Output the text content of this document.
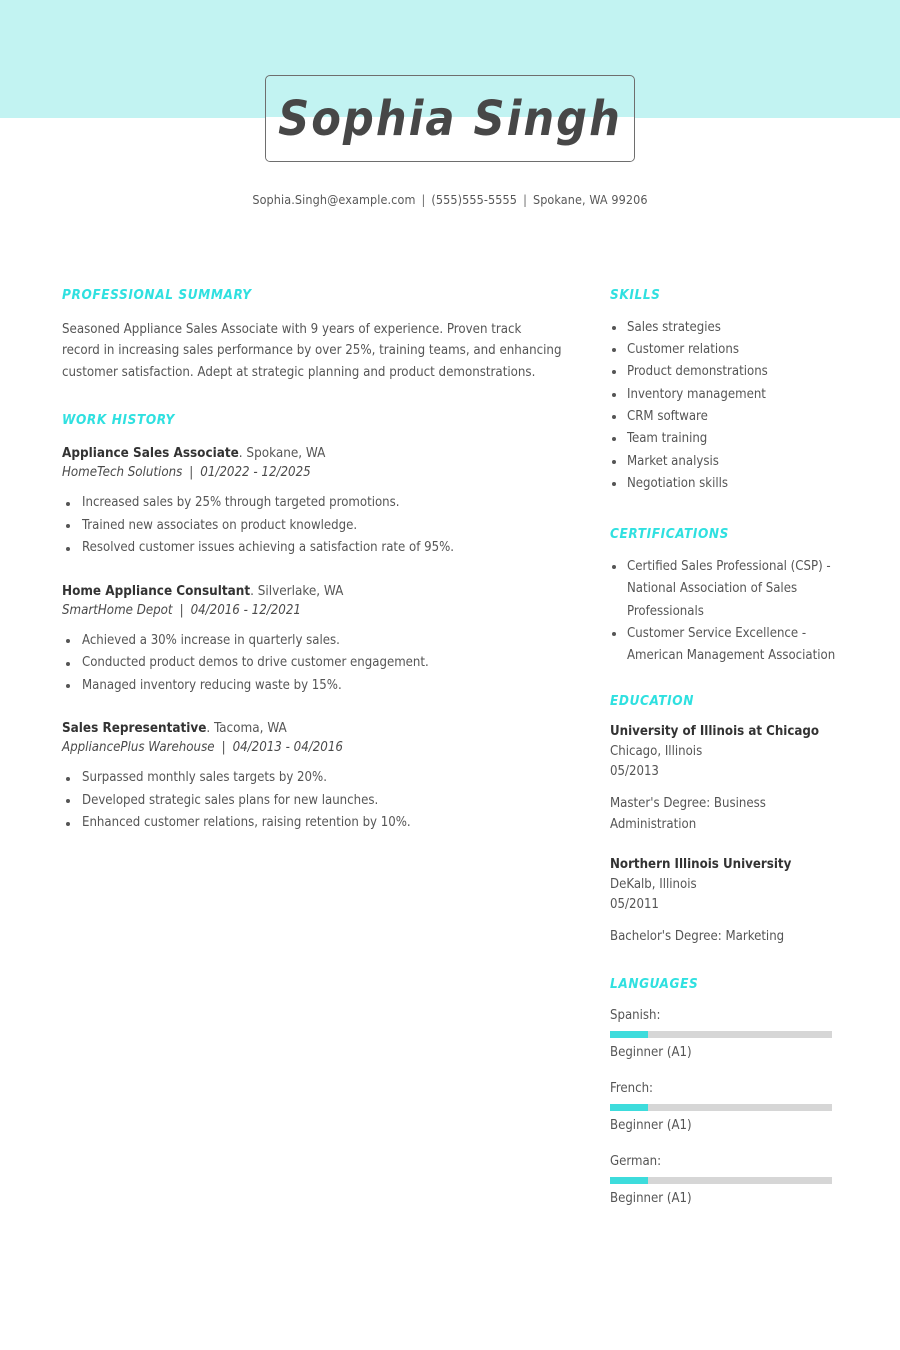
Sophia Singh
Sophia.Singh@example.com | (555)555-5555 | Spokane, WA 99206
PROFESSIONAL SUMMARY

Seasoned Appliance Sales Associate with 9 years of experience. Proven track record in increasing sales performance by over 25%, training teams, and enhancing customer satisfaction. Adept at strategic planning and product demonstrations.

WORK HISTORY
Appliance Sales Associate. Spokane, WA
HomeTech Solutions | 01/2022 - 12/2025
Increased sales by 25% through targeted promotions.
Trained new associates on product knowledge.
Resolved customer issues achieving a satisfaction rate of 95%.
Home Appliance Consultant. Silverlake, WA
SmartHome Depot | 04/2016 - 12/2021
Achieved a 30% increase in quarterly sales.
Conducted product demos to drive customer engagement.
Managed inventory reducing waste by 15%.
Sales Representative. Tacoma, WA
AppliancePlus Warehouse | 04/2013 - 04/2016
Surpassed monthly sales targets by 20%.
Developed strategic sales plans for new launches.
Enhanced customer relations, raising retention by 10%.
SKILLS
Sales strategies
Customer relations
Product demonstrations
Inventory management
CRM software
Team training
Market analysis
Negotiation skills
CERTIFICATIONS
Certified Sales Professional (CSP) - National Association of Sales Professionals
Customer Service Excellence - American Management Association
EDUCATION
University of Illinois at Chicago
Chicago, Illinois
05/2013
Master's Degree: Business Administration
Northern Illinois University
DeKalb, Illinois
05/2011
Bachelor's Degree: Marketing
LANGUAGES
Spanish:
Beginner (A1)
French:
Beginner (A1)
German:
Beginner (A1)
